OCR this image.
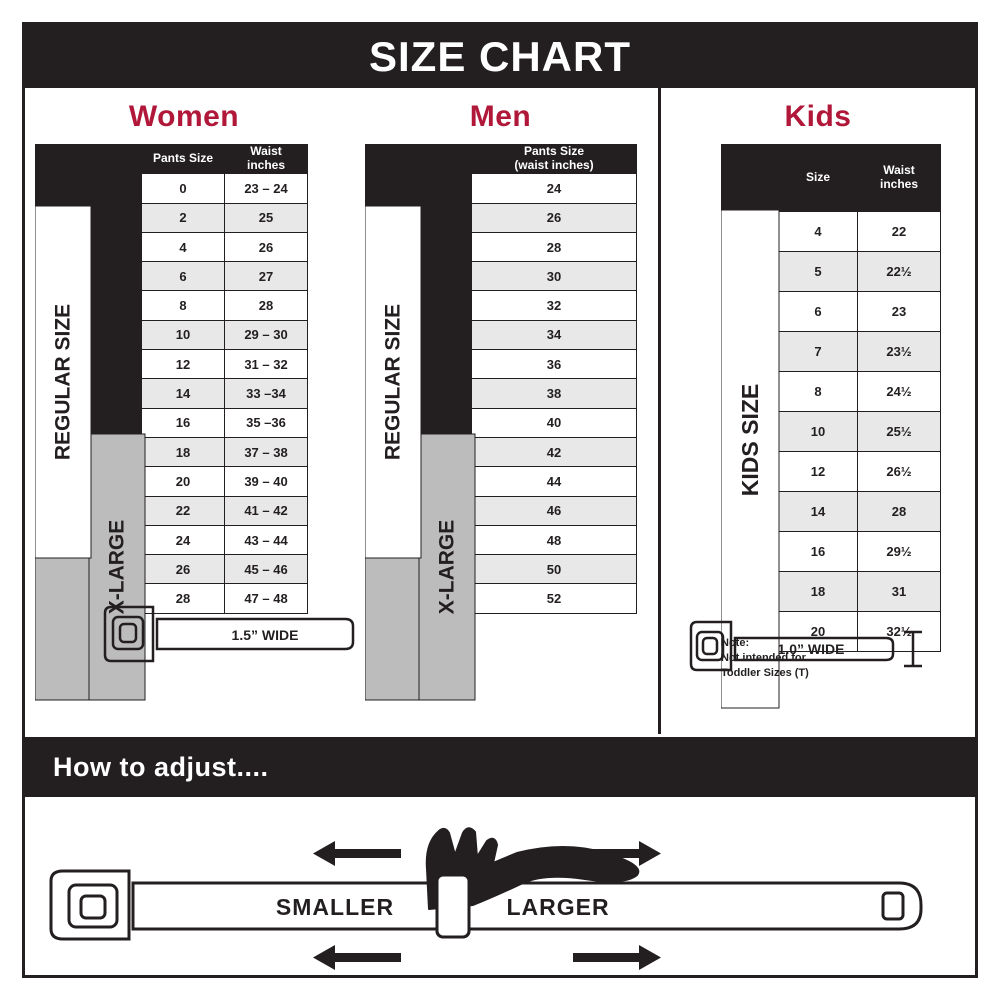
SIZE CHART
Women
		Pants Size	Waist
inches

		0	23 – 24
		2	25
		4	26
		6	27
		8	28
		10	29 – 30
		12	31 – 32
		14	33 –34
		16	35 –36
		18	37 – 38
		20	39 – 40
		22	41 – 42
		24	43 – 44
		26	45 – 46
		28	47 – 48
REGULAR SIZE
X-LARGE
1.5” WIDE
Men

Pants Size
(waist inches)

24
26
28
30
32
34
36
38
40
42
44
46
48
50
52
REGULAR SIZE
X-LARGE
Kids
	Size	Waist
inches

	4	22
	5	22½
	6	23
	7	23½
	8	24½
	10	25½
	12	26½
	14	28
	16	29½
	18	31
	20	32½
KIDS SIZE
Note:
Not intended for
Toddler Sizes (T)
1.0” WIDE
How to adjust....
SMALLER	LARGER
